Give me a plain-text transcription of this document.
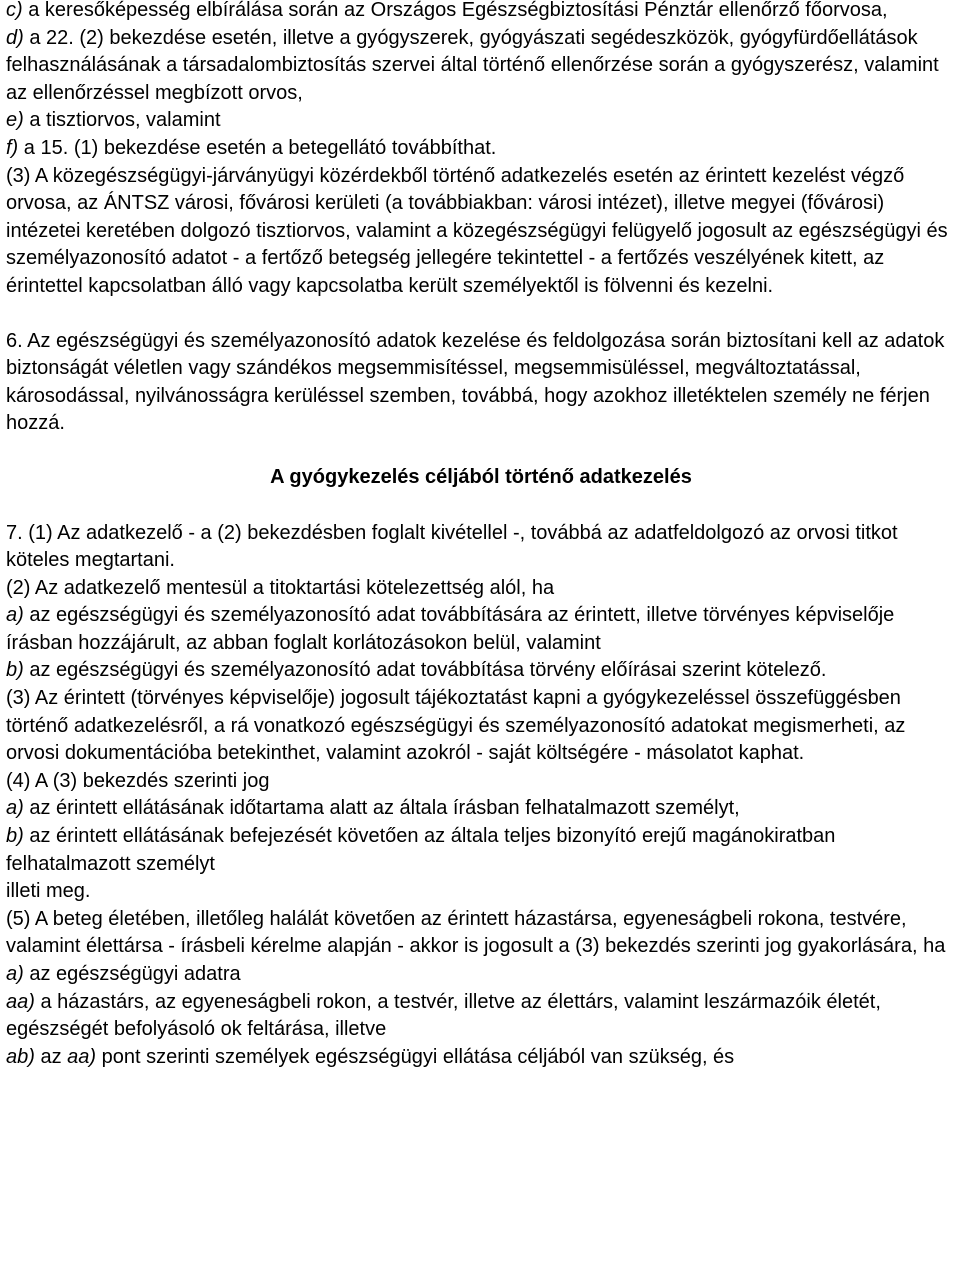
c) a keresőképesség elbírálása során az Országos Egészségbiztosítási Pénztár ellenőrző főorvosa,

d) a 22. (2) bekezdése esetén, illetve a gyógyszerek, gyógyászati segédeszközök, gyógyfürdőellátások felhasználásának a társadalombiztosítás szervei által történő ellenőrzése során a gyógyszerész, valamint az ellenőrzéssel megbízott orvos,

e) a tisztiorvos, valamint

f) a 15. (1) bekezdése esetén a betegellátó továbbíthat.

(3) A közegészségügyi-járványügyi közérdekből történő adatkezelés esetén az érintett kezelést végző orvosa, az ÁNTSZ városi, fővárosi kerületi (a továbbiakban: városi intézet), illetve megyei (fővárosi) intézetei keretében dolgozó tisztiorvos, valamint a közegészségügyi felügyelő jogosult az egészségügyi és személyazonosító adatot - a fertőző betegség jellegére tekintettel - a fertőzés veszélyének kitett, az érintettel kapcsolatban álló vagy kapcsolatba került személyektől is fölvenni és kezelni.

6. Az egészségügyi és személyazonosító adatok kezelése és feldolgozása során biztosítani kell az adatok biztonságát véletlen vagy szándékos megsemmisítéssel, megsemmisüléssel, megváltoztatással, károsodással, nyilvánosságra kerüléssel szemben, továbbá, hogy azokhoz illetéktelen személy ne férjen hozzá.

A gyógykezelés céljából történő adatkezelés

7. (1) Az adatkezelő - a (2) bekezdésben foglalt kivétellel -, továbbá az adatfeldolgozó az orvosi titkot köteles megtartani.

(2) Az adatkezelő mentesül a titoktartási kötelezettség alól, ha

a) az egészségügyi és személyazonosító adat továbbítására az érintett, illetve törvényes képviselője írásban hozzájárult, az abban foglalt korlátozásokon belül, valamint

b) az egészségügyi és személyazonosító adat továbbítása törvény előírásai szerint kötelező.

(3) Az érintett (törvényes képviselője) jogosult tájékoztatást kapni a gyógykezeléssel összefüggésben történő adatkezelésről, a rá vonatkozó egészségügyi és személyazonosító adatokat megismerheti, az orvosi dokumentációba betekinthet, valamint azokról - saját költségére - másolatot kaphat.

(4) A (3) bekezdés szerinti jog

a) az érintett ellátásának időtartama alatt az általa írásban felhatalmazott személyt,

b) az érintett ellátásának befejezését követően az általa teljes bizonyító erejű magánokiratban felhatalmazott személyt

illeti meg.

(5) A beteg életében, illetőleg halálát követően az érintett házastársa, egyeneságbeli rokona, testvére, valamint élettársa - írásbeli kérelme alapján - akkor is jogosult a (3) bekezdés szerinti jog gyakorlására, ha

a) az egészségügyi adatra

aa) a házastárs, az egyeneságbeli rokon, a testvér, illetve az élettárs, valamint leszármazóik életét, egészségét befolyásoló ok feltárása, illetve

ab) az aa) pont szerinti személyek egészségügyi ellátása céljából van szükség, és
